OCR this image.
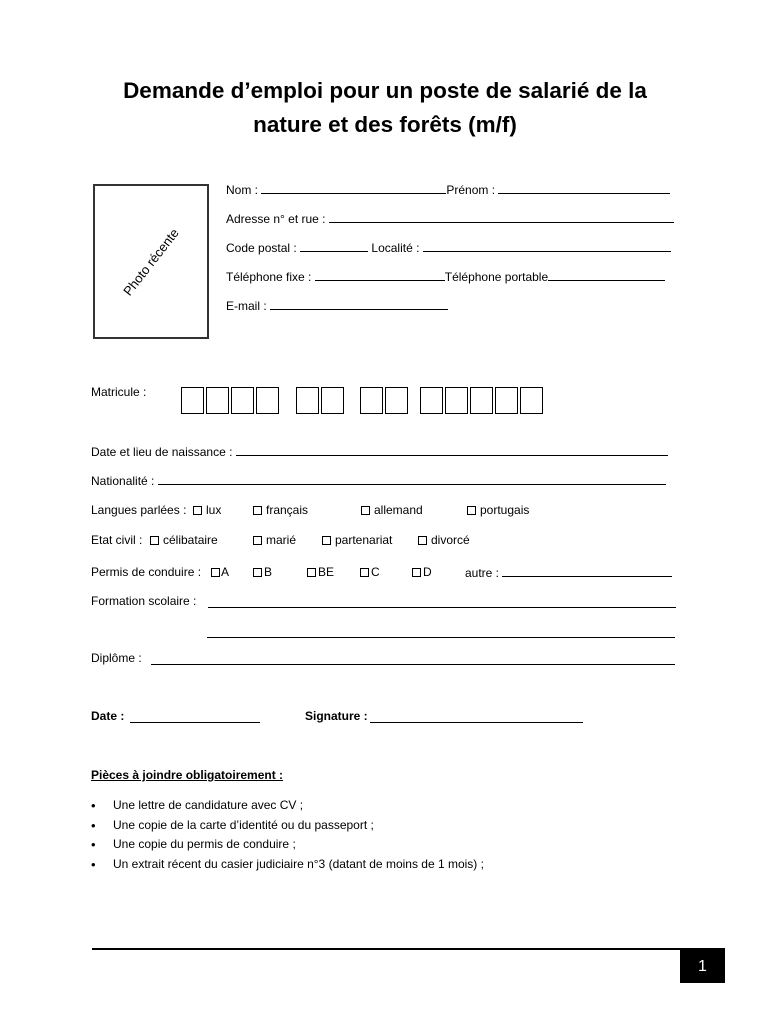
Demande d’emploi pour un poste de salarié de la
nature et des forêts (m/f)
Photo récente
Nom :	Prénom :
Adresse n° et rue :
Code postal :	Localité :
Téléphone fixe :	Téléphone portable
E-mail :
Matricule :
Date et lieu de naissance :
Nationalité :
Langues parlées :	lux	français	allemand	portugais
Etat civil :	célibataire	marié	partenariat	divorcé
Permis de conduire :	A	B	BE	C	D	autre :
Formation scolaire :
Diplôme :
Date :	Signature :
Pièces à joindre obligatoirement :
• Une lettre de candidature avec CV ;
• Une copie de la carte d’identité ou du passeport ;
• Une copie du permis de conduire ;
• Un extrait récent du casier judiciaire n°3 (datant de moins de 1 mois) ;
1
